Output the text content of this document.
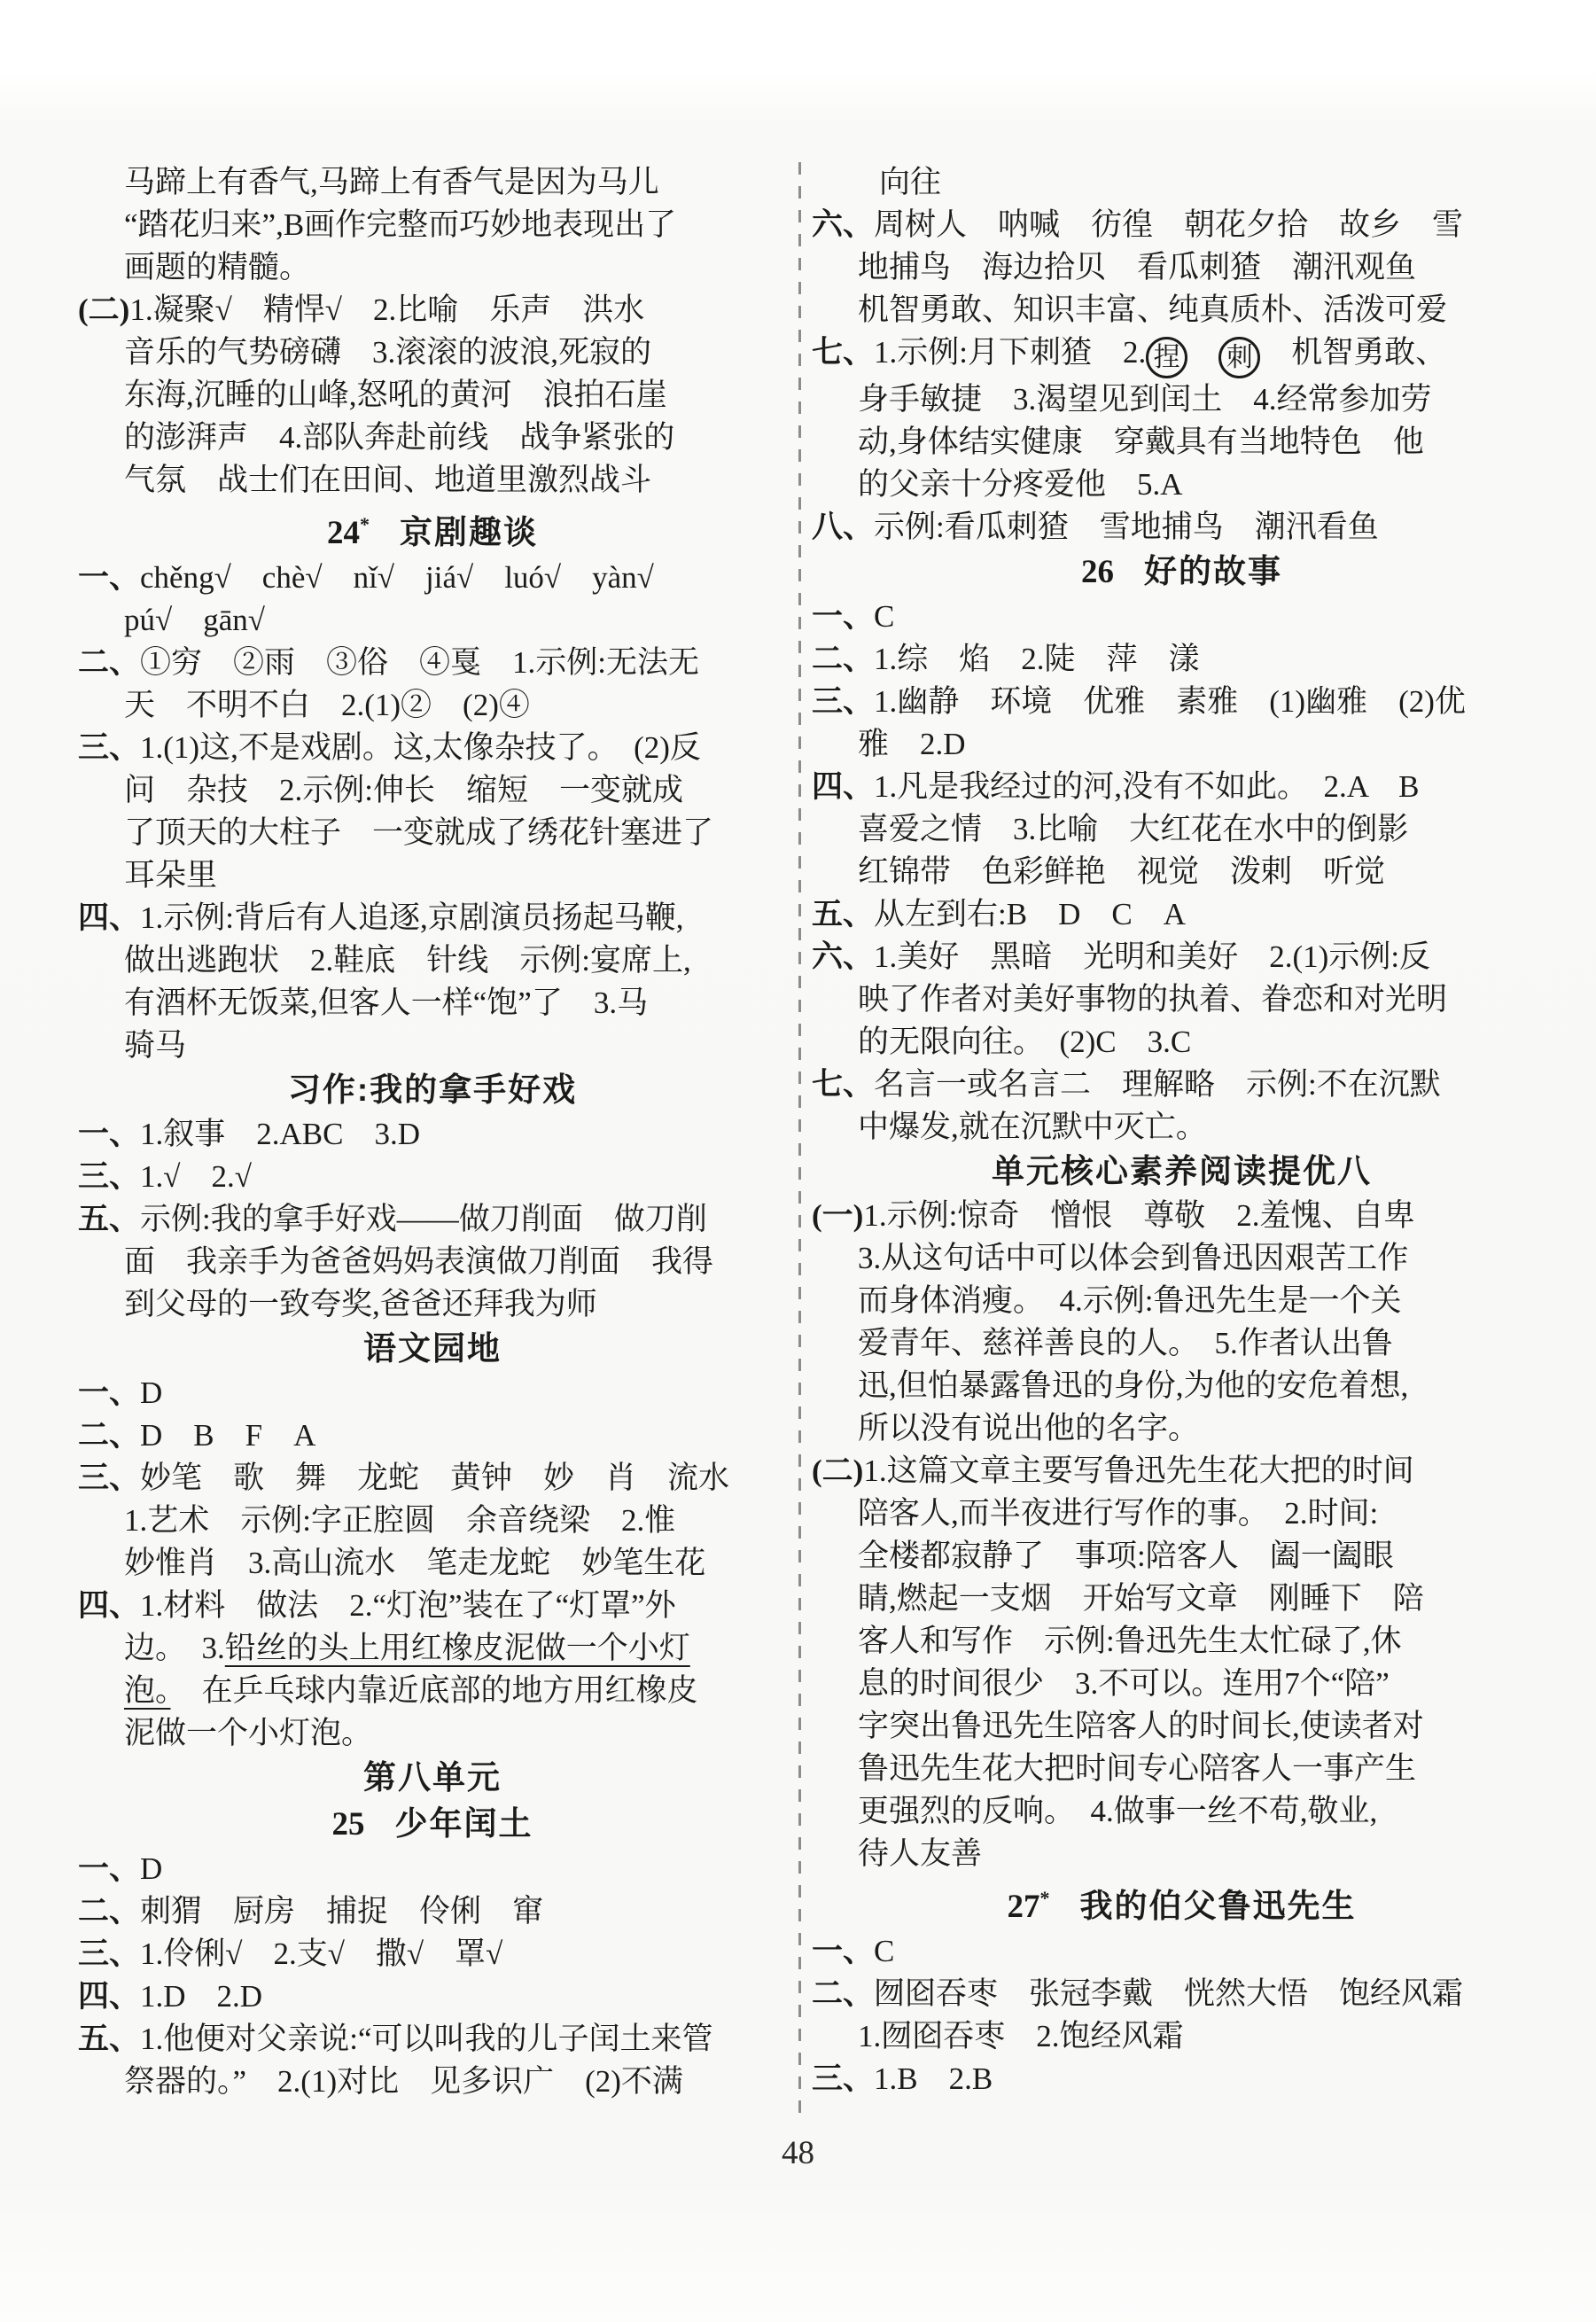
马蹄上有香气,马蹄上有香气是因为马儿
“踏花归来”,B画作完整而巧妙地表现出了
画题的精髓。
(二)1.凝聚√　精悍√　2.比喻　乐声　洪水
音乐的气势磅礴　3.滚滚的波浪,死寂的
东海,沉睡的山峰,怒吼的黄河　浪拍石崖
的澎湃声　4.部队奔赴前线　战争紧张的
气氛　战士们在田间、地道里激烈战斗
24* 京剧趣谈
一、chěng√　chè√　nǐ√　jiá√　luó√　yàn√
pú√　gān√
二、①穷　②雨　③俗　④戛　1.示例:无法无
天　不明不白　2.(1)②　(2)④
三、1.(1)这,不是戏剧。这,太像杂技了。　(2)反
问　杂技　2.示例:伸长　缩短　一变就成
了顶天的大柱子　一变就成了绣花针塞进了
耳朵里
四、1.示例:背后有人追逐,京剧演员扬起马鞭,
做出逃跑状　2.鞋底　针线　示例:宴席上,
有酒杯无饭菜,但客人一样“饱”了　3.马
骑马
习作:我的拿手好戏
一、1.叙事　2.ABC　3.D
三、1.√　2.√
五、示例:我的拿手好戏——做刀削面　做刀削
面　我亲手为爸爸妈妈表演做刀削面　我得
到父母的一致夸奖,爸爸还拜我为师
语文园地
一、D
二、D　B　F　A
三、妙笔　歌　舞　龙蛇　黄钟　妙　肖　流水
1.艺术　示例:字正腔圆　余音绕梁　2.惟
妙惟肖　3.高山流水　笔走龙蛇　妙笔生花
四、1.材料　做法　2.“灯泡”装在了“灯罩”外
边。　3.铅丝的头上用红橡皮泥做一个小灯
泡。　在乒乓球内靠近底部的地方用红橡皮
泥做一个小灯泡。
第八单元
25 少年闰土
一、D
二、刺猬　厨房　捕捉　伶俐　窜
三、1.伶俐√　2.支√　撒√　罩√
四、1.D　2.D
五、1.他便对父亲说:“可以叫我的儿子闰土来管
祭器的。”　2.(1)对比　见多识广　(2)不满
向往
六、周树人　呐喊　彷徨　朝花夕拾　故乡　雪
地捕鸟　海边拾贝　看瓜刺猹　潮汛观鱼
机智勇敢、知识丰富、纯真质朴、活泼可爱
七、1.示例:月下刺猹　2. 捏　 刺　机智勇敢、
身手敏捷　3.渴望见到闰土　4.经常参加劳
动,身体结实健康　穿戴具有当地特色　他
的父亲十分疼爱他　5.A
八、示例:看瓜刺猹　雪地捕鸟　潮汛看鱼
26 好的故事
一、C
二、1.综　焰　2.陡　萍　漾
三、1.幽静　环境　优雅　素雅　(1)幽雅　(2)优
雅　2.D
四、1.凡是我经过的河,没有不如此。　2.A　B
喜爱之情　3.比喻　大红花在水中的倒影
红锦带　色彩鲜艳　视觉　泼剌　听觉
五、从左到右:B　D　C　A
六、1.美好　黑暗　光明和美好　2.(1)示例:反
映了作者对美好事物的执着、眷恋和对光明
的无限向往。　(2)C　3.C
七、名言一或名言二　理解略　示例:不在沉默
中爆发,就在沉默中灭亡。
单元核心素养阅读提优八
(一)1.示例:惊奇　憎恨　尊敬　2.羞愧、自卑
3.从这句话中可以体会到鲁迅因艰苦工作
而身体消瘦。　4.示例:鲁迅先生是一个关
爱青年、慈祥善良的人。　5.作者认出鲁
迅,但怕暴露鲁迅的身份,为他的安危着想,
所以没有说出他的名字。
(二)1.这篇文章主要写鲁迅先生花大把的时间
陪客人,而半夜进行写作的事。　2.时间:
全楼都寂静了　事项:陪客人　阖一阖眼
睛,燃起一支烟　开始写文章　刚睡下　陪
客人和写作　示例:鲁迅先生太忙碌了,休
息的时间很少　3.不可以。连用7个“陪”
字突出鲁迅先生陪客人的时间长,使读者对
鲁迅先生花大把时间专心陪客人一事产生
更强烈的反响。　4.做事一丝不苟,敬业,
待人友善
27* 我的伯父鲁迅先生
一、C
二、囫囵吞枣　张冠李戴　恍然大悟　饱经风霜
1.囫囵吞枣　2.饱经风霜
三、1.B　2.B
48
